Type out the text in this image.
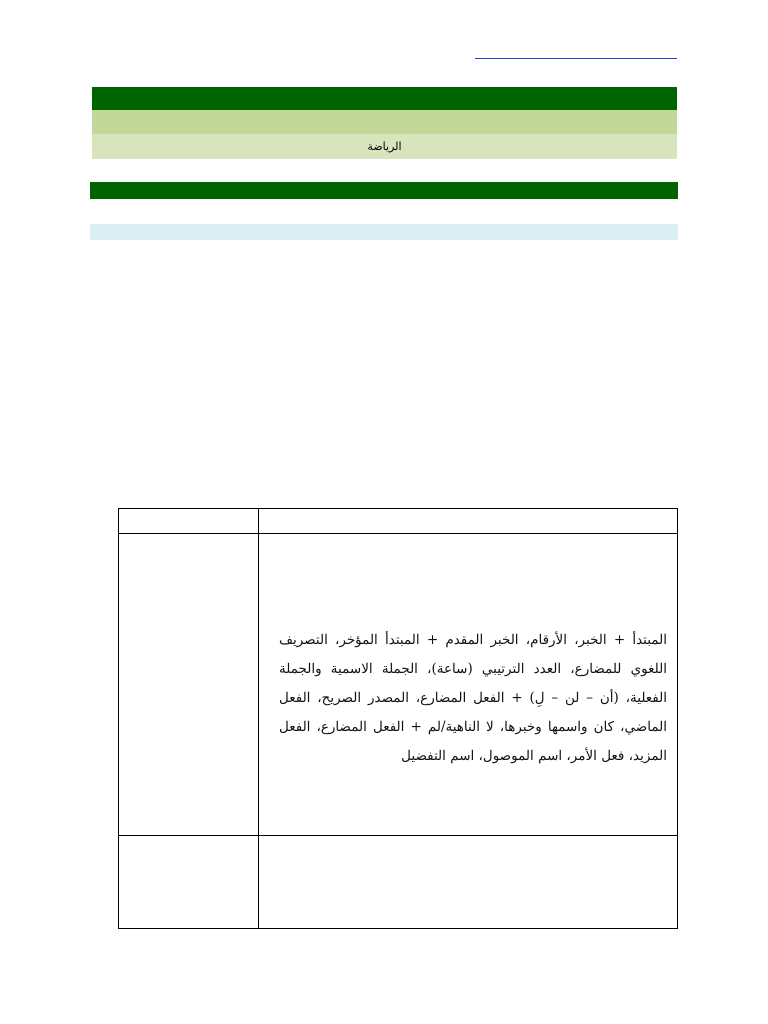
الرياضة

	المبتدأ + الخبر، الأرقام، الخبر المقدم + المبتدأ المؤخر، التصريف اللغوي للمضارع، العدد الترتيبي (ساعة)، الجملة الاسمية والجملة الفعلية، (أن – لن – لِ) + الفعل المضارع، المصدر الصريح، الفعل الماضي، كان واسمها وخبرها، لا الناهية/لم + الفعل المضارع، الفعل المزيد، فعل الأمر، اسم الموصول، اسم التفضيل
